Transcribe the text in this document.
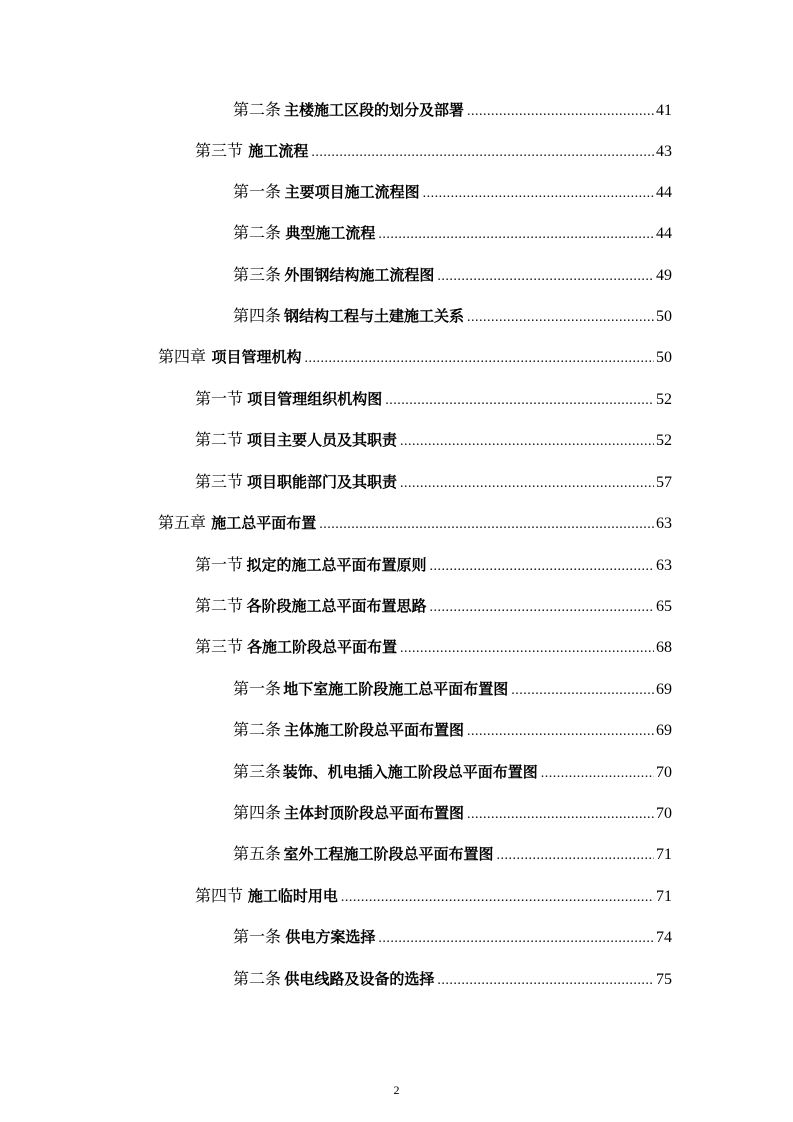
第二条 主楼施工区段的划分及部署 .....	41
第三节 施工流程 .....	43
第一条 主要项目施工流程图 .....	44
第二条 典型施工流程 .....	44
第三条 外围钢结构施工流程图 .....	49
第四条 钢结构工程与土建施工关系 .....	50
第四章 项目管理机构 .....	50
第一节 项目管理组织机构图 .....	52
第二节 项目主要人员及其职责 .....	52
第三节 项目职能部门及其职责 .....	57
第五章 施工总平面布置 .....	63
第一节 拟定的施工总平面布置原则 .....	63
第二节 各阶段施工总平面布置思路 .....	65
第三节 各施工阶段总平面布置 .....	68
第一条 地下室施工阶段施工总平面布置图 .....	69
第二条 主体施工阶段总平面布置图 .....	69
第三条 装饰、机电插入施工阶段总平面布置图 .....	70
第四条 主体封顶阶段总平面布置图 .....	70
第五条 室外工程施工阶段总平面布置图 .....	71
第四节 施工临时用电 .....	71
第一条 供电方案选择 .....	74
第二条 供电线路及设备的选择 .....	75
2
